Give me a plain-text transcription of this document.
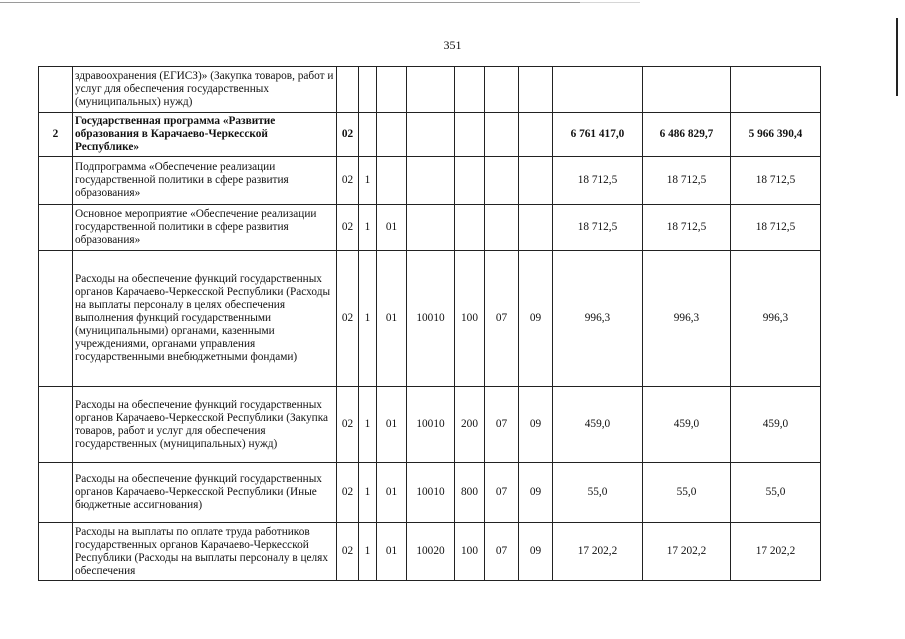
351
	здравоохранения (ЕГИСЗ)» (Закупка товаров, работ и услуг для обеспечения государственных (муниципальных) нужд)										
2	Государственная программа «Развитие образования в Карачаево-Черкесской Республике»	02							6 761 417,0	6 486 829,7	5 966 390,4
	Подпрограмма «Обеспечение реализации государственной политики в сфере развития образования»	02	1						18 712,5	18 712,5	18 712,5
	Основное мероприятие «Обеспечение реализации государственной политики в сфере развития образования»	02	1	01					18 712,5	18 712,5	18 712,5
	Расходы на обеспечение функций государственных органов Карачаево-Черкесской Республики (Расходы на выплаты персоналу в целях обеспечения выполнения функций государственными (муниципальными) органами, казенными учреждениями, органами управления государственными внебюджетными фондами)	02	1	01	10010	100	07	09	996,3	996,3	996,3
	Расходы на обеспечение функций государственных органов Карачаево-Черкесской Республики (Закупка товаров, работ и услуг для обеспечения государственных (муниципальных) нужд)	02	1	01	10010	200	07	09	459,0	459,0	459,0
	Расходы на обеспечение функций государственных органов Карачаево-Черкесской Республики (Иные бюджетные ассигнования)	02	1	01	10010	800	07	09	55,0	55,0	55,0
	Расходы на выплаты по оплате труда работников государственных органов Карачаево-Черкесской Республики (Расходы на выплаты персоналу в целях обеспечения	02	1	01	10020	100	07	09	17 202,2	17 202,2	17 202,2
